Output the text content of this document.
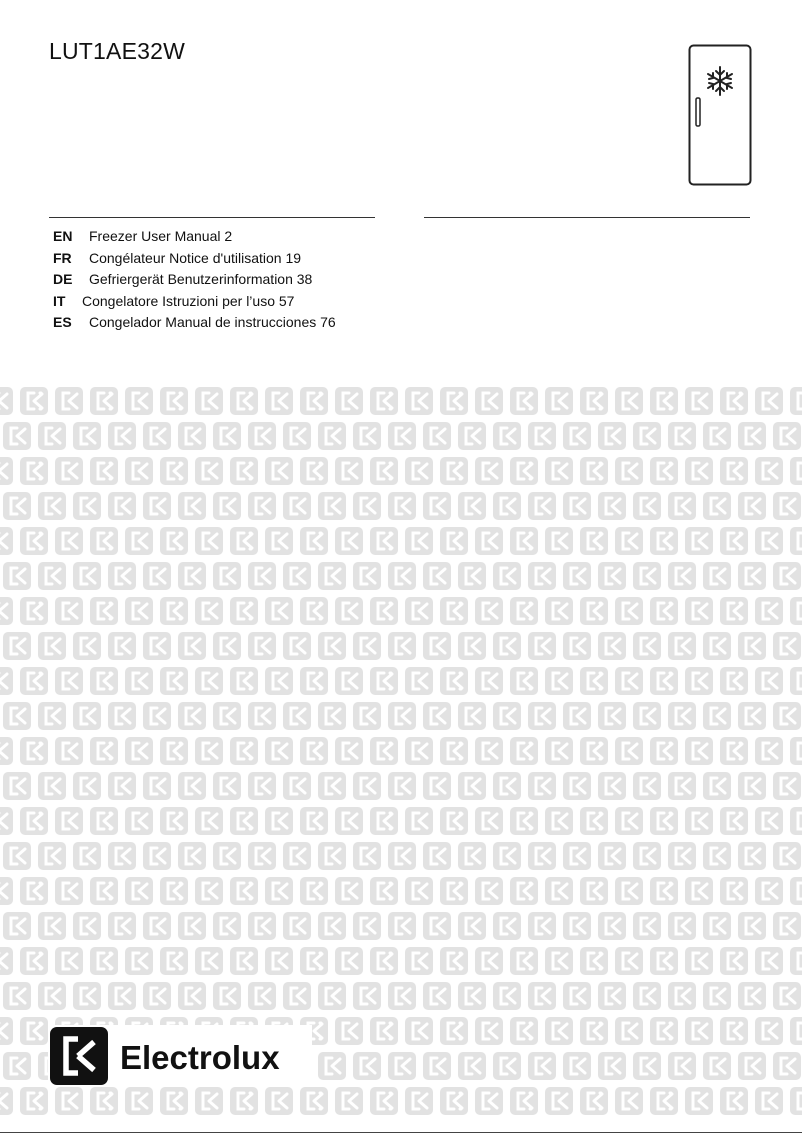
LUT1AE32W
EN Freezer User Manual 2
FR Congélateur Notice d'utilisation 19
DE Gefriergerät Benutzerinformation 38
IT Congelatore Istruzioni per l’uso 57
ES Congelador Manual de instrucciones 76
Electrolux
